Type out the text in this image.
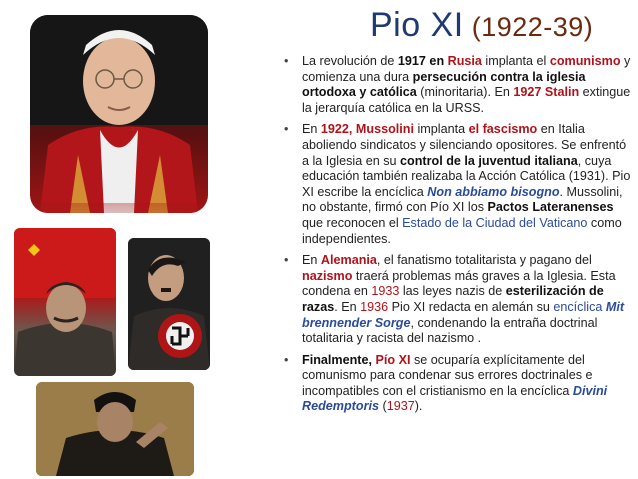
Pio XI (1922-39)
• La revolución de 1917 en Rusia implanta el comunismo y comienza una dura persecución contra la iglesia ortodoxa y católica (minoritaria). En 1927 Stalin extingue la jerarquía católica en la URSS.
• En 1922, Mussolini implanta el fascismo en Italia aboliendo sindicatos y silenciando opositores. Se enfrentó a la Iglesia en su control de la juventud italiana, cuya educación también realizaba la Acción Católica (1931). Pio XI escribe la encíclica Non abbiamo bisogno. Mussolini, no obstante, firmó con Pío XI los Pactos Lateranenses que reconocen el Estado de la Ciudad del Vaticano como independientes.
• En Alemania, el fanatismo totalitarista y pagano del nazismo traerá problemas más graves a la Iglesia. Esta condena en 1933 las leyes nazis de esterilización de razas. En 1936 Pio XI redacta en alemán su encíclica Mit brennender Sorge, condenando la entraña doctrinal totalitaria y racista del nazismo .
• Finalmente, Pío XI se ocuparía explícitamente del comunismo para condenar sus errores doctrinales e incompatibles con el cristianismo en la encíclica Divini Redemptoris (1937).
